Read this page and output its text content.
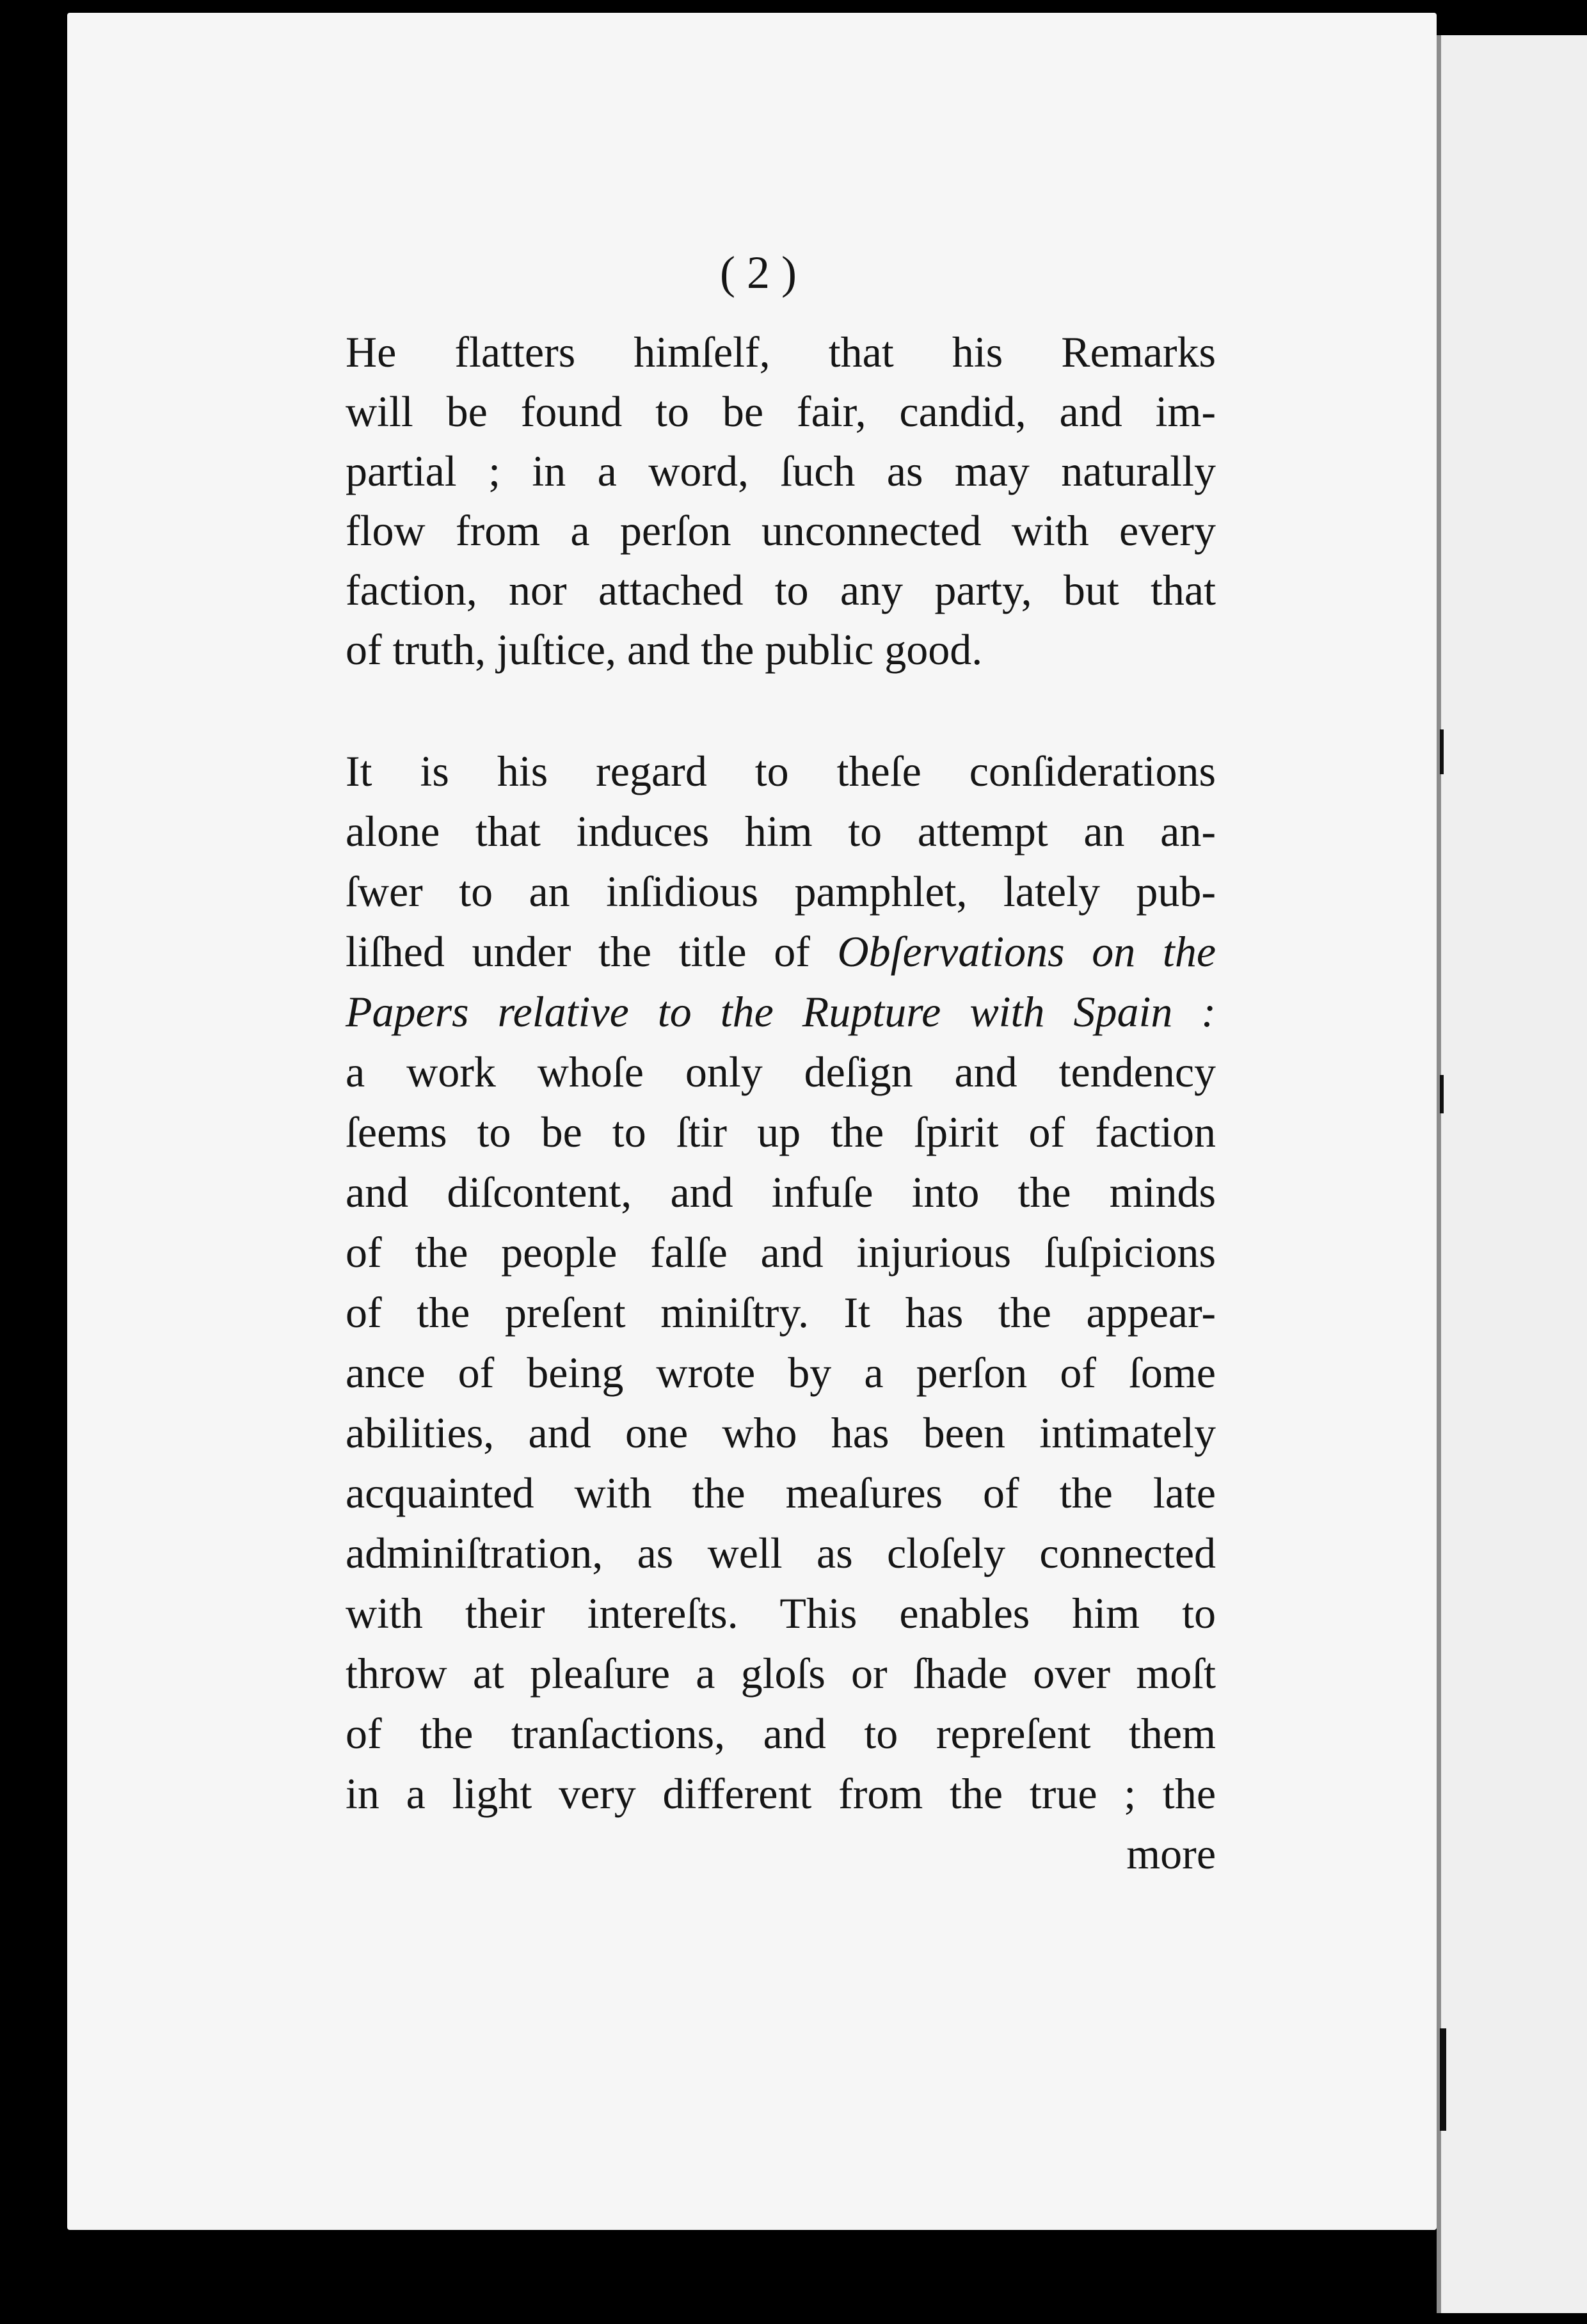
( 2 )
He flatters himſelf, that his Remarks
will be found to be fair, candid, and im-
partial ; in a word, ſuch as may naturally
flow from a perſon unconnected with every
faction, nor attached to any party, but that
of truth, juſtice, and the public good.
It is his regard to theſe conſiderations
alone that induces him to attempt an an-
ſwer to an inſidious pamphlet, lately pub-
liſhed under the title of Obſervations on the
Papers relative to the Rupture with Spain :
a work whoſe only deſign and tendency
ſeems to be to ſtir up the ſpirit of faction
and diſcontent, and infuſe into the minds
of the people falſe and injurious ſuſpicions
of the preſent miniſtry. It has the appear-
ance of being wrote by a perſon of ſome
abilities, and one who has been intimately
acquainted with the meaſures of the late
adminiſtration, as well as cloſely connected
with their intereſts. This enables him to
throw at pleaſure a gloſs or ſhade over moſt
of the tranſactions, and to repreſent them
in a light very different from the true ; the
more
